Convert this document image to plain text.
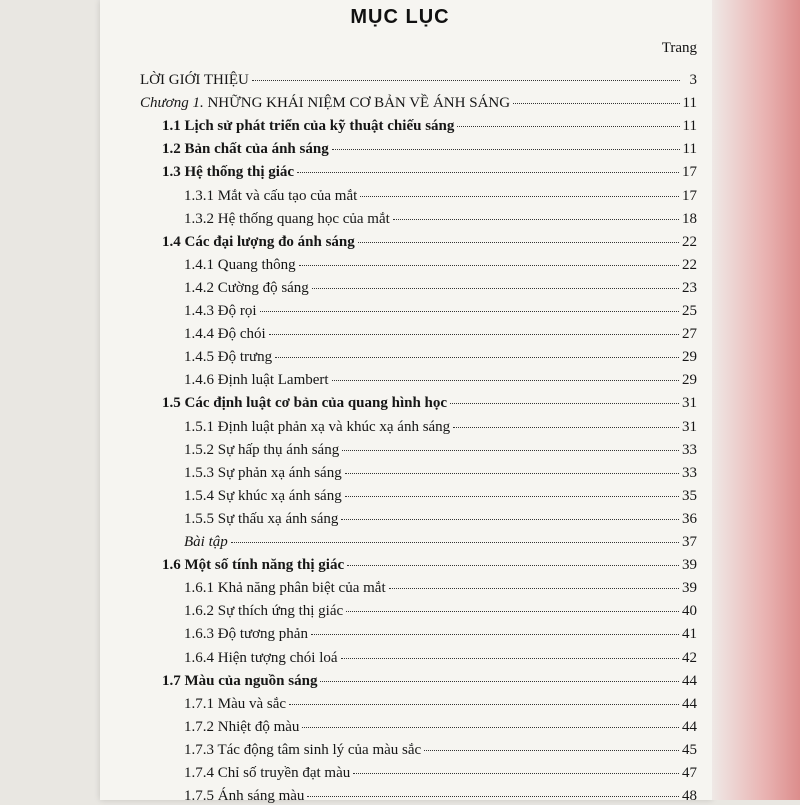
MỤC LỤC
Trang
LỜI GIỚI THIỆU	3
Chương 1. NHỮNG KHÁI NIỆM CƠ BẢN VỀ ÁNH SÁNG	11
1.1 Lịch sử phát triển của kỹ thuật chiếu sáng	11
1.2 Bản chất của ánh sáng	11
1.3 Hệ thống thị giác	17
1.3.1 Mắt và cấu tạo của mắt	17
1.3.2 Hệ thống quang học của mắt	18
1.4 Các đại lượng đo ánh sáng	22
1.4.1 Quang thông	22
1.4.2 Cường độ sáng	23
1.4.3 Độ rọi	25
1.4.4 Độ chói	27
1.4.5 Độ trưng	29
1.4.6 Định luật Lambert	29
1.5 Các định luật cơ bản của quang hình học	31
1.5.1 Định luật phản xạ và khúc xạ ánh sáng	31
1.5.2 Sự hấp thụ ánh sáng	33
1.5.3 Sự phản xạ ánh sáng	33
1.5.4 Sự khúc xạ ánh sáng	35
1.5.5 Sự thấu xạ ánh sáng	36
Bài tập	37
1.6 Một số tính năng thị giác	39
1.6.1 Khả năng phân biệt của mắt	39
1.6.2 Sự thích ứng thị giác	40
1.6.3 Độ tương phản	41
1.6.4 Hiện tượng chói loá	42
1.7 Màu của nguồn sáng	44
1.7.1 Màu và sắc	44
1.7.2 Nhiệt độ màu	44
1.7.3 Tác động tâm sinh lý của màu sắc	45
1.7.4 Chỉ số truyền đạt màu	47
1.7.5 Ánh sáng màu	48
